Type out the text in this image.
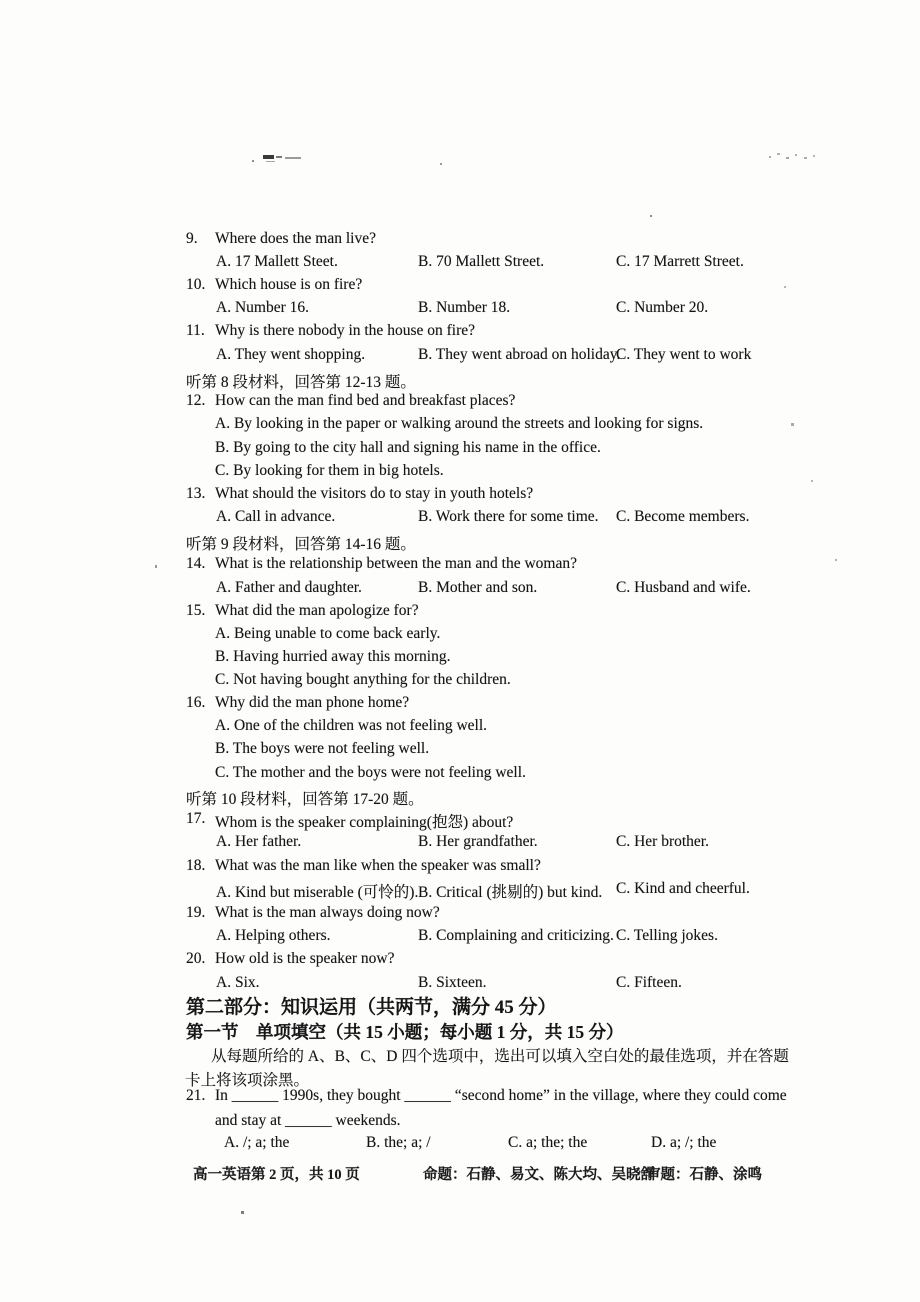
9. Where does the man live?
A. 17 Mallett Steet.	B. 70 Mallett Street.	C. 17 Marrett Street.
10. Which house is on fire?
A. Number 16.	B. Number 18.	C. Number 20.
11. Why is there nobody in the house on fire?
A. They went shopping.	B. They went abroad on holiday.
C. They went to work
听第 8 段材料，回答第 12-13 题。
12. How can the man find bed and breakfast places?
A. By looking in the paper or walking around the streets and looking for signs.
B. By going to the city hall and signing his name in the office.
C. By looking for them in big hotels.
13. What should the visitors do to stay in youth hotels?
A. Call in advance.	B. Work there for some time. C. Become members.
听第 9 段材料，回答第 14-16 题。
14. What is the relationship between the man and the woman?
A. Father and daughter.	B. Mother and son.	C. Husband and wife.
15. What did the man apologize for?
A. Being unable to come back early.
B. Having hurried away this morning.
C. Not having bought anything for the children.
16. Why did the man phone home?
A. One of the children was not feeling well.
B. The boys were not feeling well.
C. The mother and the boys were not feeling well.
听第 10 段材料，回答第 17-20 题。
17. Whom is the speaker complaining(抱怨) about?
A. Her father.	B. Her grandfather.	C. Her brother.
18. What was the man like when the speaker was small?
A. Kind but miserable (可怜的). B. Critical (挑剔的) but kind. C. Kind and cheerful.
19. What is the man always doing now?
A. Helping others.	B. Complaining and criticizing. C. Telling jokes.
20. How old is the speaker now?
A. Six.	B. Sixteen.	C. Fifteen.
第二部分：知识运用（共两节，满分 45 分）
第一节　单项填空（共 15 小题；每小题 1 分，共 15 分）
从每题所给的 A、B、C、D 四个选项中，选出可以填入空白处的最佳选项，并在答题
卡上将该项涂黑。
21. In ______ 1990s, they bought ______ “second home” in the village, where they could come
and stay at ______ weekends.
A. /; a; the	B. the; a; /	C. a; the; the	D. a; /; the
高一英语第 2 页，共 10 页	命题：石静、易文、陈大均、吴晓舒
审题：石静、涂鸣
